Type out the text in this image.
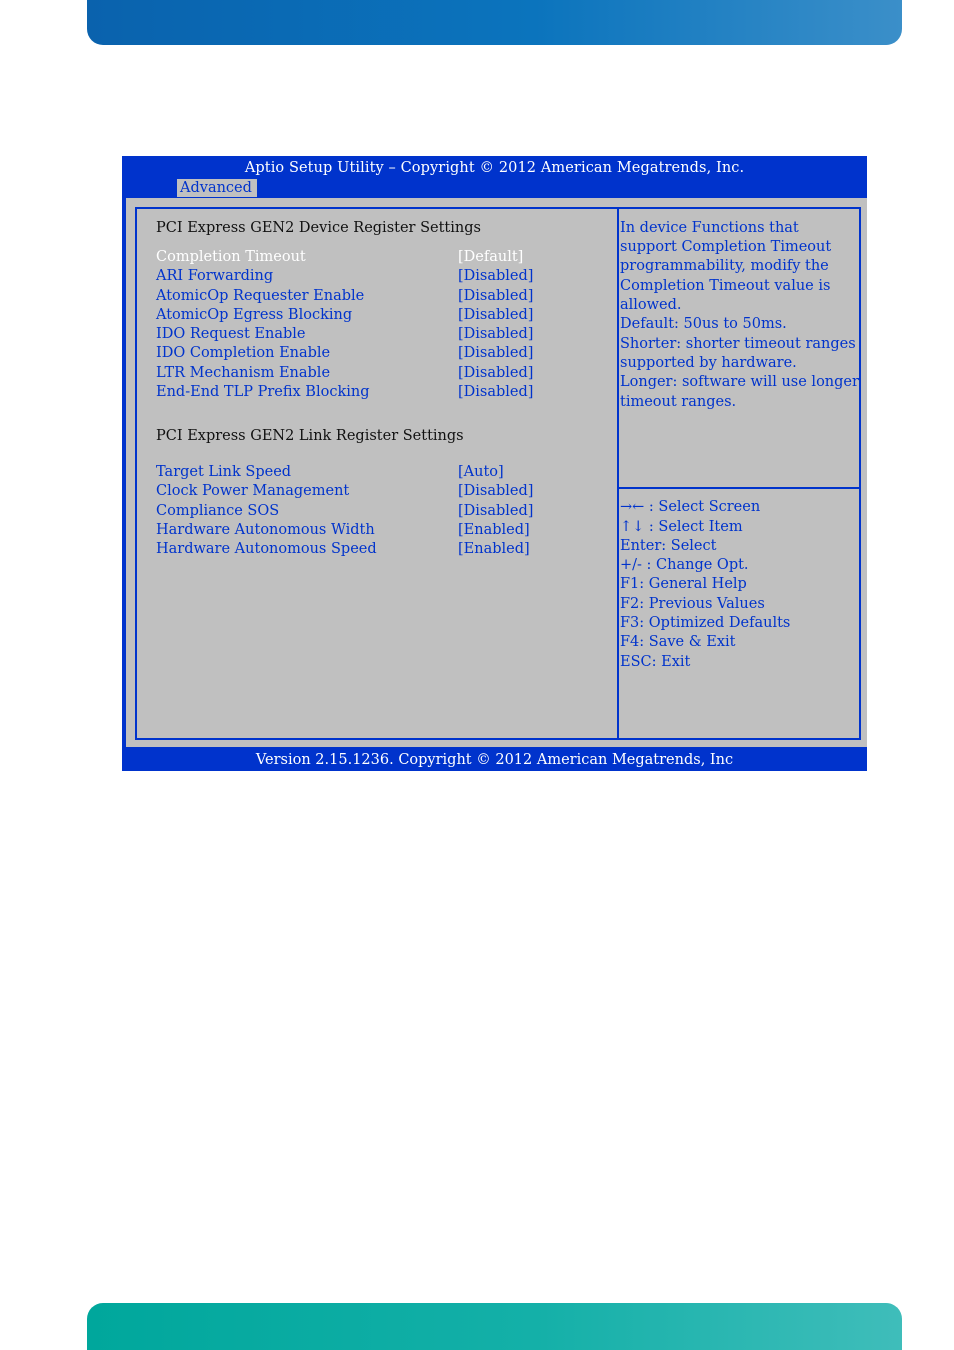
Aptio Setup Utility – Copyright © 2012 American Megatrends, Inc.
Advanced
PCI Express GEN2 Device Register Settings
Completion Timeout	[Default]
ARI Forwarding	[Disabled]
AtomicOp Requester Enable	[Disabled]
AtomicOp Egress Blocking	[Disabled]
IDO Request Enable	[Disabled]
IDO Completion Enable	[Disabled]
LTR Mechanism Enable	[Disabled]
End-End TLP Prefix Blocking	[Disabled]
PCI Express GEN2 Link Register Settings
Target Link Speed	[Auto]
Clock Power Management	[Disabled]
Compliance SOS	[Disabled]
Hardware Autonomous Width	[Enabled]
Hardware Autonomous Speed	[Enabled]
In device Functions that
support Completion Timeout
programmability, modify the
Completion Timeout value is
allowed.
Default: 50us to 50ms.
Shorter: shorter timeout ranges
supported by hardware.
Longer: software will use longer
timeout ranges.
→← : Select Screen
↑↓ : Select Item
Enter: Select
+/- : Change Opt.
F1: General Help
F2: Previous Values
F3: Optimized Defaults
F4: Save & Exit
ESC: Exit
Version 2.15.1236. Copyright © 2012 American Megatrends, Inc
